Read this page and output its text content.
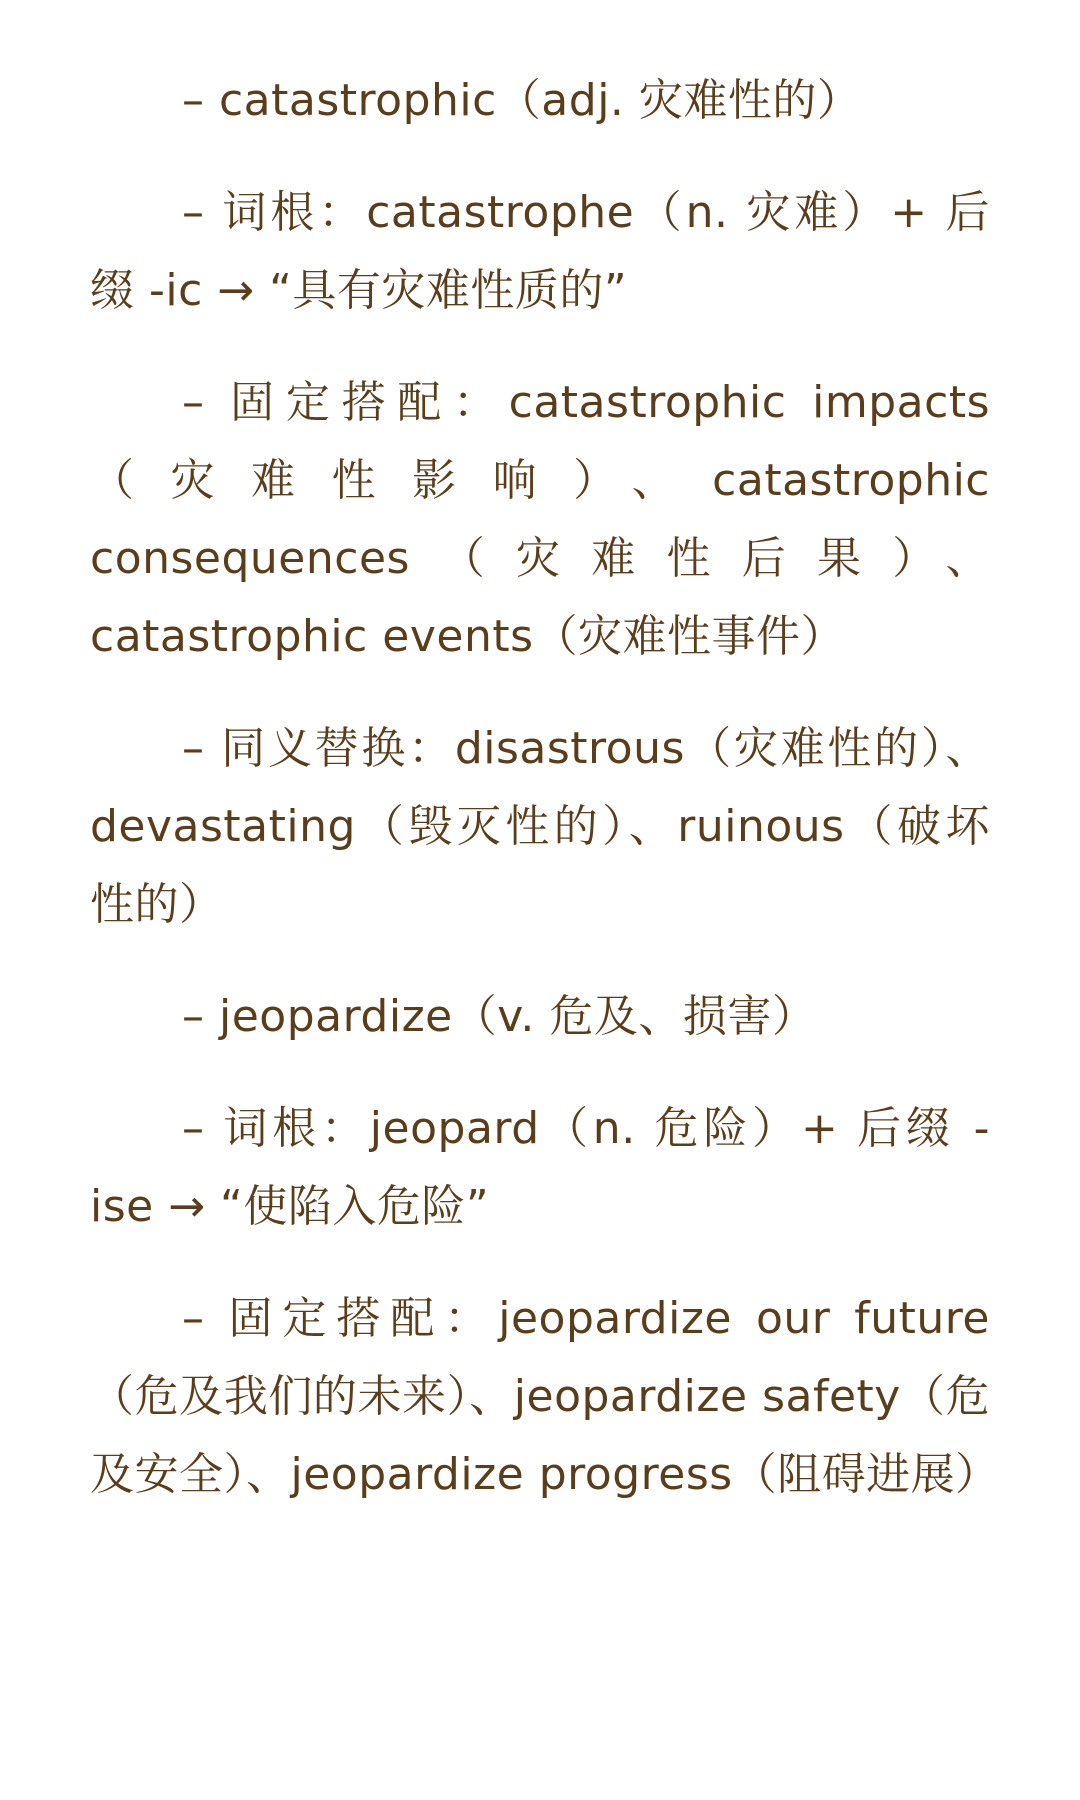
– catastrophic（adj. 灾难性的）

– 词根：catastrophe（n. 灾难）+ 后缀 -ic → “具有灾难性质的”

– 固定搭配：catastrophic impacts（灾难性影响）、catastrophic consequences（灾难性后果）、catastrophic events（灾难性事件）

– 同义替换：disastrous（灾难性的）、devastating（毁灭性的）、ruinous（破坏性的）

– jeopardize（v. 危及、损害）

– 词根：jeopard（n. 危险）+ 后缀 -ise → “使陷入危险”

– 固定搭配：jeopardize our future（危及我们的未来）、jeopardize safety（危及安全）、jeopardize progress（阻碍进展）
